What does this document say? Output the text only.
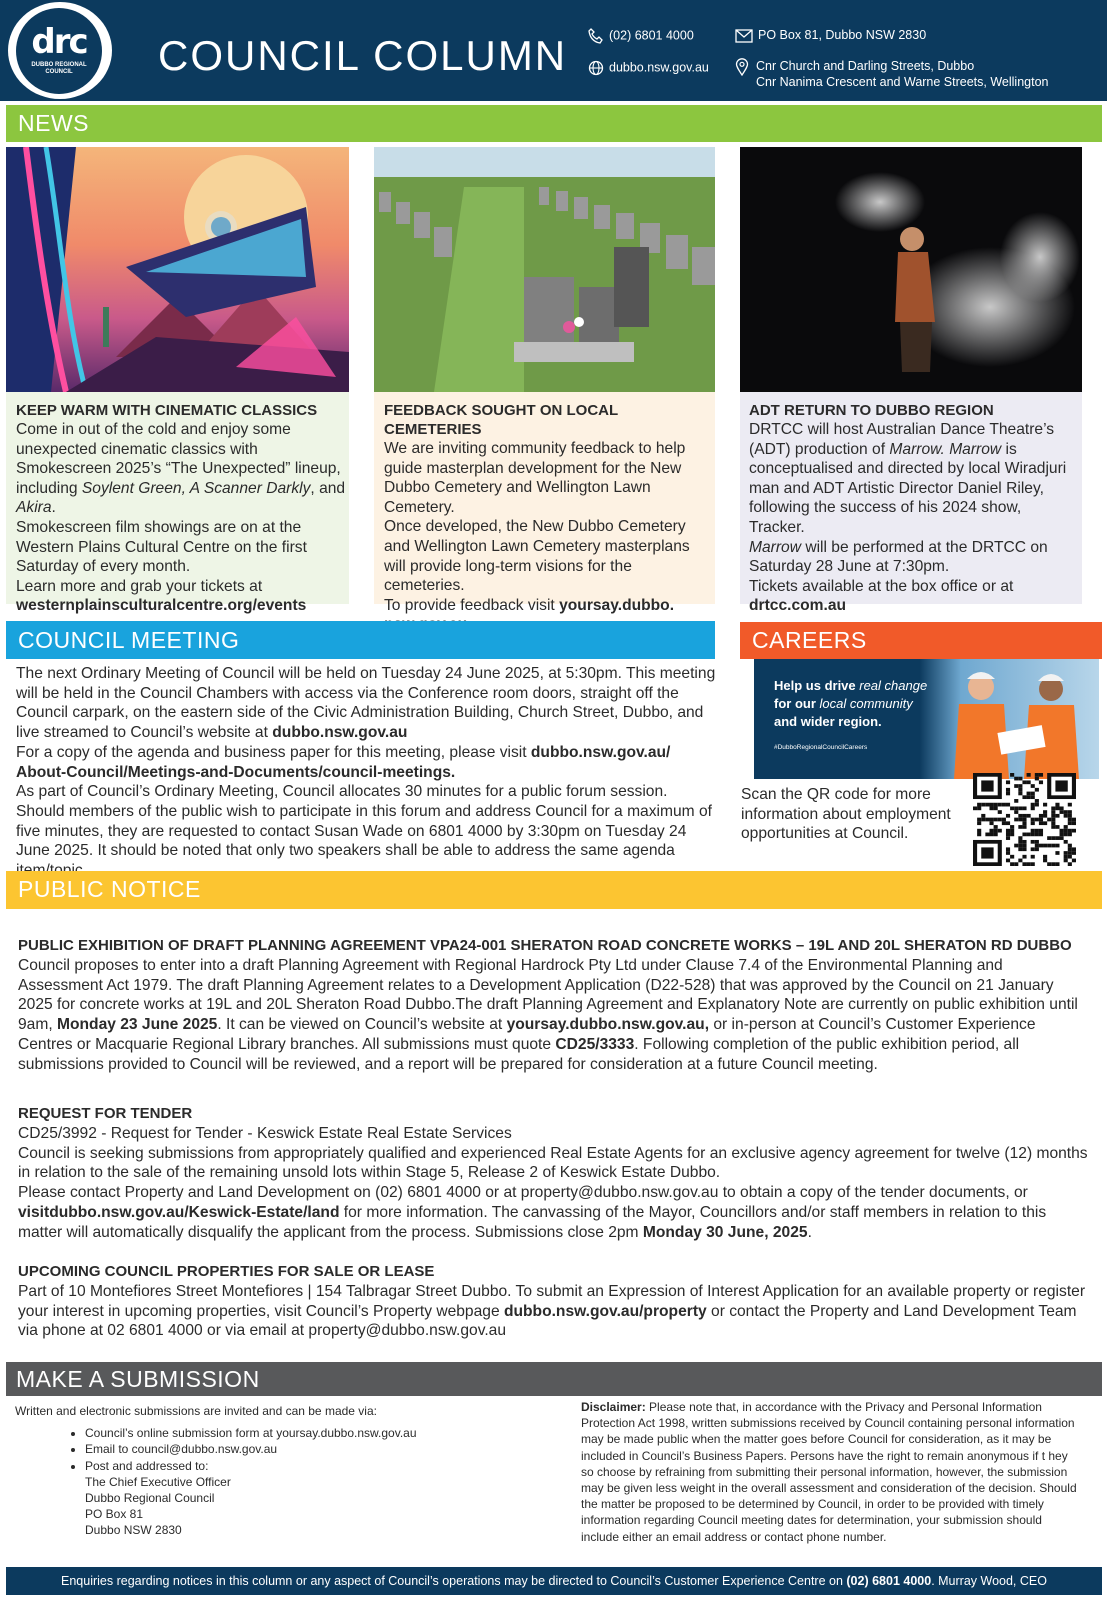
drc
DUBBO REGIONAL
COUNCIL	COUNCIL COLUMN	(02) 6801 4000
dubbo.nsw.gov.au
PO Box 81, Dubbo NSW 2830
Cnr Church and Darling Streets, Dubbo
Cnr Nanima Crescent and Warne Streets, Wellington
NEWS
KEEP WARM WITH CINEMATIC CLASSICS
Come in out of the cold and enjoy some unexpected cinematic classics with Smokescreen 2025’s “The Unexpected” lineup, including Soylent Green, A Scanner Darkly, and Akira.
Smokescreen film showings are on at the Western Plains Cultural Centre on the first Saturday of every month.
Learn more and grab your tickets at westernplainsculturalcentre.org/events
FEEDBACK SOUGHT ON LOCAL CEMETERIES
We are inviting community feedback to help guide masterplan development for the New Dubbo Cemetery and Wellington Lawn Cemetery.
Once developed, the New Dubbo Cemetery and Wellington Lawn Cemetery masterplans will provide long-term visions for the cemeteries.
To provide feedback visit yoursay.dubbo.
ADT RETURN TO DUBBO REGION
DRTCC will host Australian Dance Theatre’s (ADT) production of Marrow. Marrow is conceptualised and directed by local Wiradjuri man and ADT Artistic Director Daniel Riley, following the success of his 2024 show, Tracker.
Marrow will be performed at the DRTCC on Saturday 28 June at 7:30pm.
Tickets available at the box office or at drtcc.com.au
COUNCIL MEETING
The next Ordinary Meeting of Council will be held on Tuesday 24 June 2025, at 5:30pm. This meeting will be held in the Council Chambers with access via the Conference room doors, straight off the Council carpark, on the eastern side of the Civic Administration Building, Church Street, Dubbo, and live streamed to Council’s website at dubbo.nsw.gov.au
For a copy of the agenda and business paper for this meeting, please visit dubbo.nsw.gov.au/ About-Council/Meetings-and-Documents/council-meetings.
As part of Council’s Ordinary Meeting, Council allocates 30 minutes for a public forum session. Should members of the public wish to participate in this forum and address Council for a maximum of five minutes, they are requested to contact Susan Wade on 6801 4000 by 3:30pm on Tuesday 24 June 2025. It should be noted that only two speakers shall be able to address the same agenda
CAREERS
Help us drive real change for our local community
and wider region.
#DubboRegionalCouncilCareers
Scan the QR code for more information about employment opportunities at Council.
PUBLIC NOTICE
PUBLIC EXHIBITION OF DRAFT PLANNING AGREEMENT VPA24-001 SHERATON ROAD CONCRETE WORKS – 19L AND 20L SHERATON RD DUBBO
Council proposes to enter into a draft Planning Agreement with Regional Hardrock Pty Ltd under Clause 7.4 of the Environmental Planning and Assessment Act 1979. The draft Planning Agreement relates to a Development Application (D22-528) that was approved by the Council on 21 January 2025 for concrete works at 19L and 20L Sheraton Road Dubbo.The draft Planning Agreement and Explanatory Note are currently on public exhibition until 9am, Monday 23 June 2025. It can be viewed on Council’s website at yoursay.dubbo.nsw.gov.au, or in-person at Council’s Customer Experience Centres or Macquarie Regional Library branches. All submissions must quote CD25/3333. Following completion of the public exhibition period, all submissions provided to Council will be reviewed, and a report will be prepared for consideration at a future Council meeting.
REQUEST FOR TENDER
CD25/3992 - Request for Tender - Keswick Estate Real Estate Services
Council is seeking submissions from appropriately qualified and experienced Real Estate Agents for an exclusive agency agreement for twelve (12) months in relation to the sale of the remaining unsold lots within Stage 5, Release 2 of Keswick Estate Dubbo.
Please contact Property and Land Development on (02) 6801 4000 or at property@dubbo.nsw.gov.au to obtain a copy of the tender documents, or visitdubbo.nsw.gov.au/Keswick-Estate/land for more information. The canvassing of the Mayor, Councillors and/or staff members in relation to this matter will automatically disqualify the applicant from the process. Submissions close 2pm Monday 30 June, 2025.
UPCOMING COUNCIL PROPERTIES FOR SALE OR LEASE
Part of 10 Montefiores Street Montefiores | 154 Talbragar Street Dubbo. To submit an Expression of Interest Application for an available property or register your interest in upcoming properties, visit Council’s Property webpage dubbo.nsw.gov.au/property or contact the Property and Land Development Team via phone at 02 6801 4000 or via email at property@dubbo.nsw.gov.au
MAKE A SUBMISSION
Written and electronic submissions are invited and can be made via:
• Council’s online submission form at yoursay.dubbo.nsw.gov.au
• Email to council@dubbo.nsw.gov.au
• Post and addressed to:
The Chief Executive Officer
Dubbo Regional Council
PO Box 81
Dubbo NSW 2830
Disclaimer: Please note that, in accordance with the Privacy and Personal Information Protection Act 1998, written submissions received by Council containing personal information may be made public when the matter goes before Council for consideration, as it may be included in Council’s Business Papers. Persons have the right to remain anonymous if t hey so choose by refraining from submitting their personal information, however, the submission may be given less weight in the overall assessment and consideration of the decision. Should the matter be proposed to be determined by Council, in order to be provided with timely information regarding Council meeting dates for determination, your submission should include either an email address or contact phone number.
Enquiries regarding notices in this column or any aspect of Council’s operations may be directed to Council’s Customer Experience Centre on (02) 6801 4000. Murray Wood, CEO
